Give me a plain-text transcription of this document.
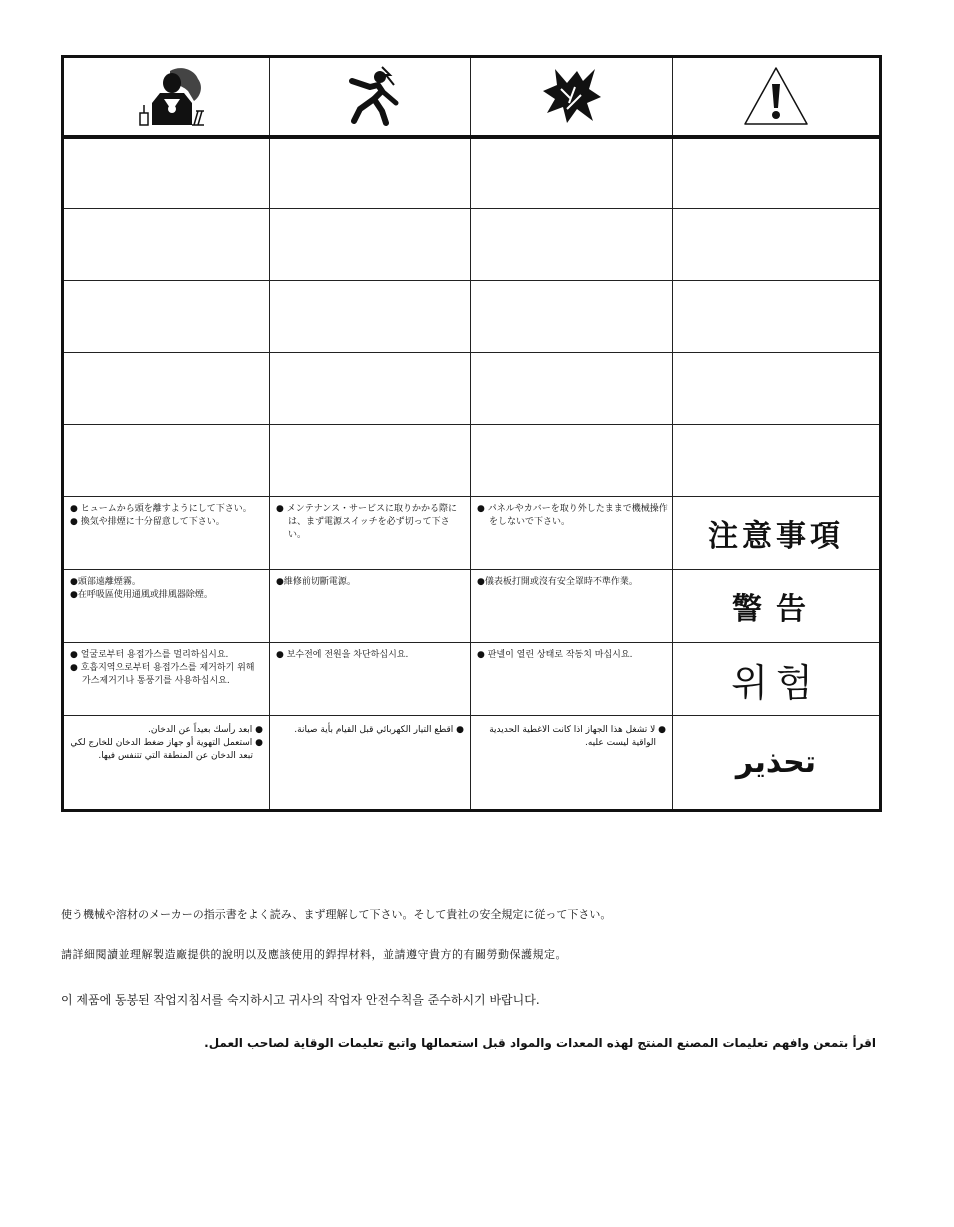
● ヒュームから頭を離すようにして下さい。
● 換気や排煙に十分留意して下さい。	● メンテナンス・サービスに取りかかる際には、まず電源スイッチを必ず切って下さい。	● パネルやカバーを取り外したままで機械操作をしないで下さい。	注意事項

●頭部遠離煙霧。
●在呼吸區使用通風或排風器除煙。	●維修前切斷電源。	●儀表板打開或沒有安全罩時不準作業。	警告

● 얼굴로부터 용접가스를 멀리하십시요.
● 호흡지역으로부터 용접가스를 제거하기 위해 가스제거기나 통풍기를 사용하십시요.	● 보수전에 전원을 차단하십시요.	● 판넬이 열린 상태로 작동치 마십시요.	위험

● ابعد رأسك بعيداً عن الدخان.
● استعمل التهوية أو جهاز ضغط الدخان للخارج لكي تبعد الدخان عن المنطقة التي تتنفس فيها.	● اقطع التيار الكهربائي قبل القيام بأية صيانة.	● لا تشغل هذا الجهاز اذا كانت الاغطية الحديدية الواقية ليست عليه.	تحذير
使う機械や溶材のメーカーの指示書をよく読み、まず理解して下さい。そして貴社の安全規定に従って下さい。
請詳細閱讀並理解製造廠提供的說明以及應該使用的銲捍材料，並請遵守貴方的有關勞動保護規定。
이 제품에 동봉된 작업지침서를 숙지하시고 귀사의 작업자 안전수칙을 준수하시기 바랍니다.
اقرأ بتمعن وافهم تعليمات المصنع المنتج لهذه المعدات والمواد قبل استعمالها واتبع تعليمات الوقاية لصاحب العمل.
